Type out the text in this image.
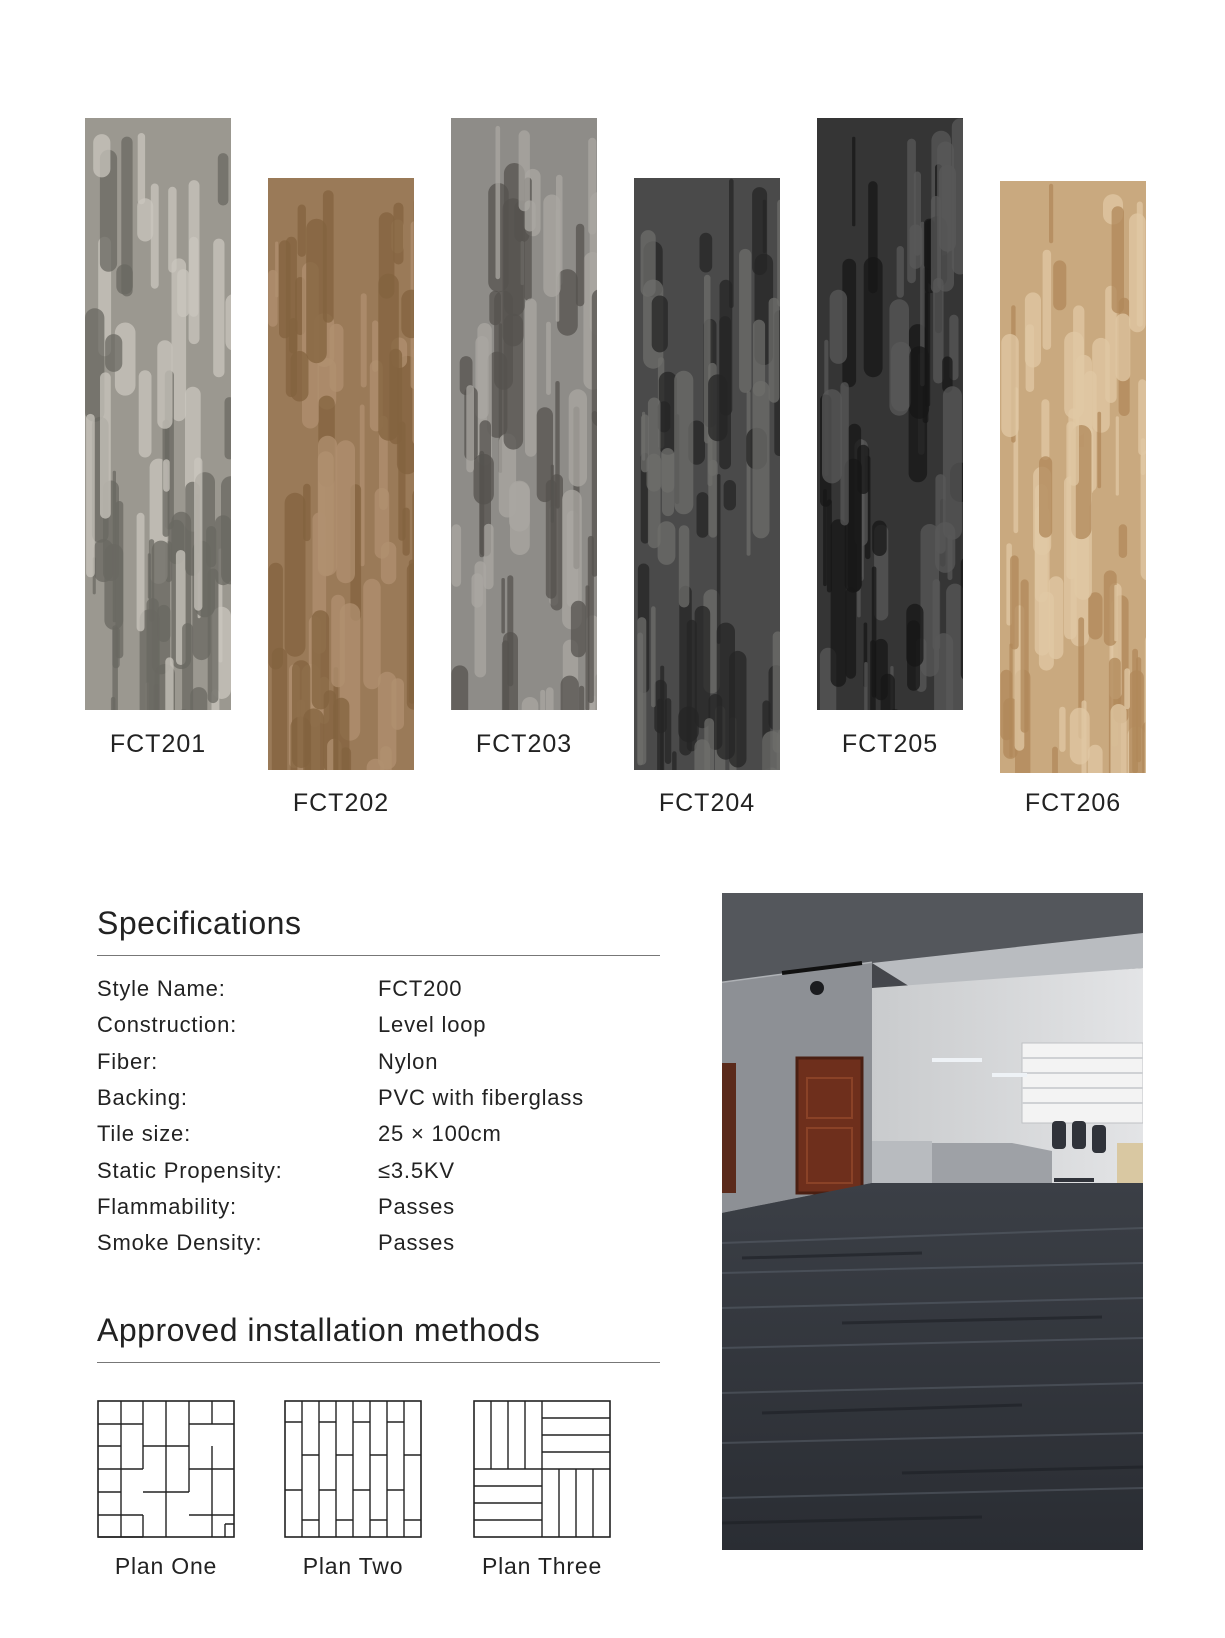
FCT201
FCT202
FCT203
FCT204
FCT205
FCT206
Specifications
Style Name:	FCT200
Construction:	Level loop
Fiber:	Nylon
Backing:	PVC with fiberglass
Tile size:	25 × 100cm
Static Propensity:	≤3.5KV
Flammability:	Passes
Smoke Density:	Passes
Approved installation methods
Plan One	Plan Two	Plan Three
